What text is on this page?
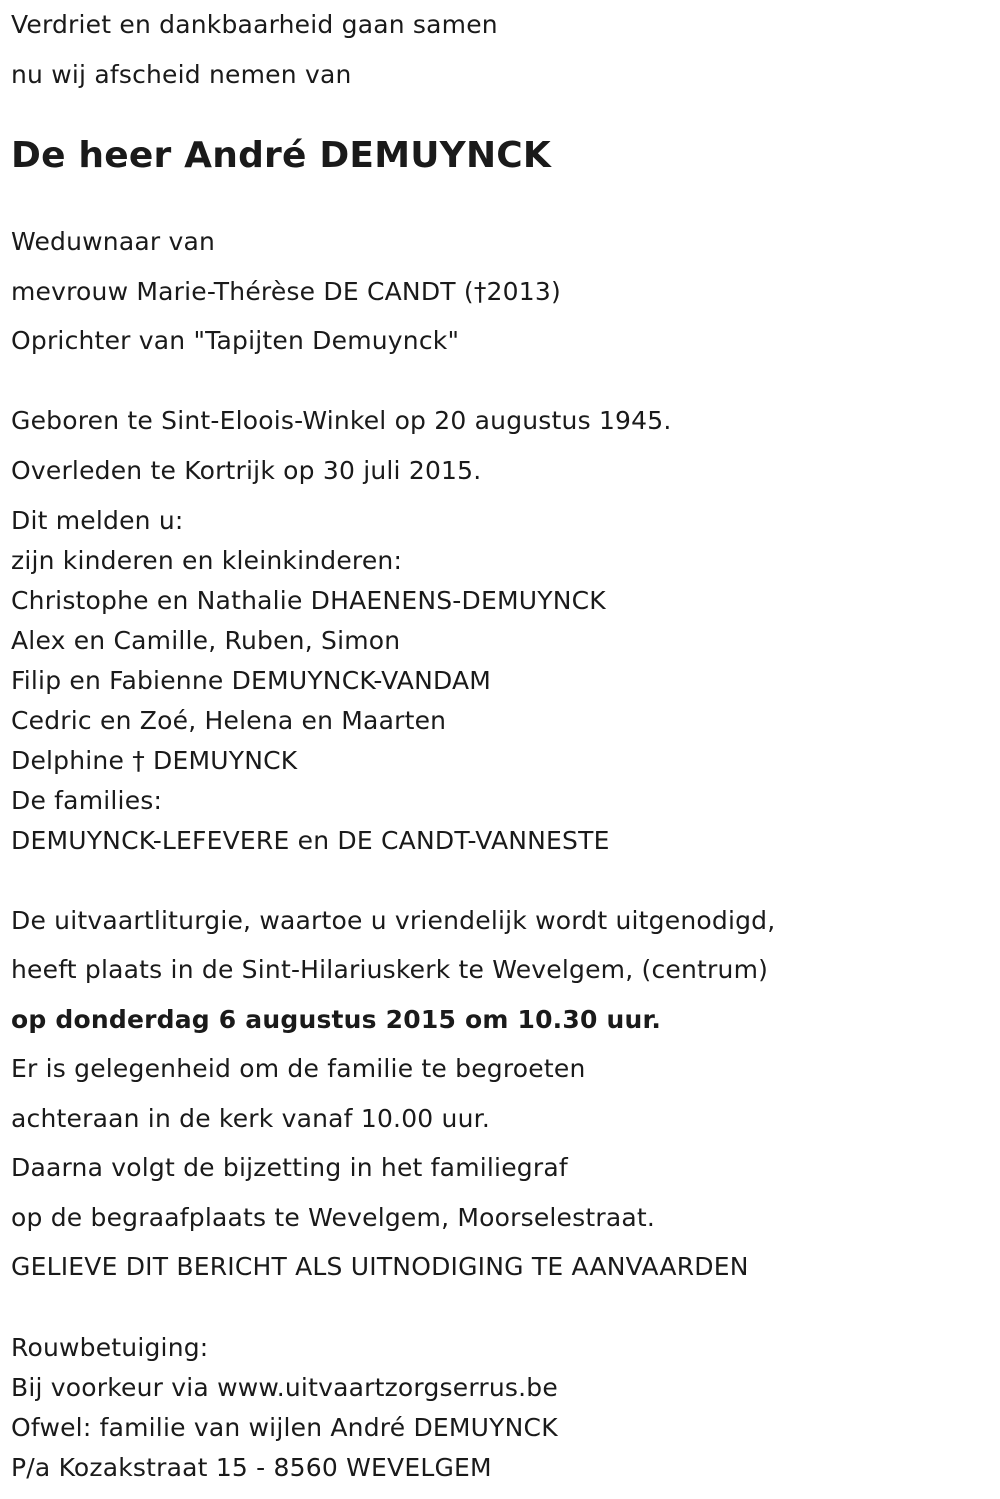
Verdriet en dankbaarheid gaan samen
nu wij afscheid nemen van
De heer André DEMUYNCK
Weduwnaar van
mevrouw Marie-Thérèse DE CANDT (†2013)
Oprichter van "Tapijten Demuynck"
Geboren te Sint-Eloois-Winkel op 20 augustus 1945.
Overleden te Kortrijk op 30 juli 2015.
Dit melden u:
zijn kinderen en kleinkinderen:
Christophe en Nathalie DHAENENS-DEMUYNCK
Alex en Camille, Ruben, Simon
Filip en Fabienne DEMUYNCK-VANDAM
Cedric en Zoé, Helena en Maarten
Delphine † DEMUYNCK
De families:
DEMUYNCK-LEFEVERE en DE CANDT-VANNESTE
De uitvaartliturgie, waartoe u vriendelijk wordt uitgenodigd,
heeft plaats in de Sint-Hilariuskerk te Wevelgem, (centrum)
op donderdag 6 augustus 2015 om 10.30 uur.
Er is gelegenheid om de familie te begroeten
achteraan in de kerk vanaf 10.00 uur.
Daarna volgt de bijzetting in het familiegraf
op de begraafplaats te Wevelgem, Moorselestraat.
GELIEVE DIT BERICHT ALS UITNODIGING TE AANVAARDEN
Rouwbetuiging:
Bij voorkeur via www.uitvaartzorgserrus.be
Ofwel: familie van wijlen André DEMUYNCK
P/a Kozakstraat 15 - 8560 WEVELGEM
